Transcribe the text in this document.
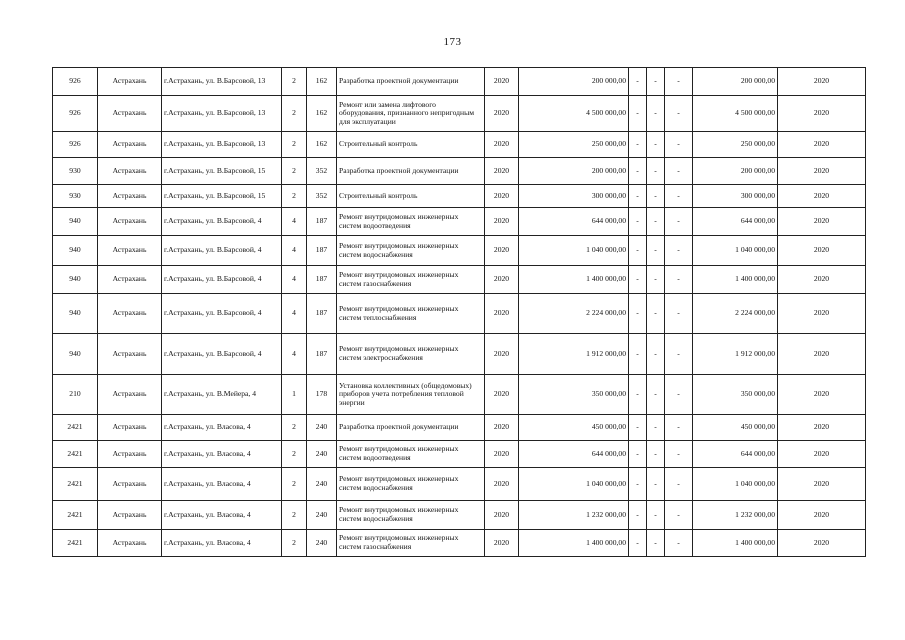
173
926	Астрахань	г.Астрахань, ул. В.Барсовой, 13	2	162	Разработка проектной документации	2020	200 000,00	-	-	-	200 000,00	2020
926	Астрахань	г.Астрахань, ул. В.Барсовой, 13	2	162	Ремонт или замена лифтового оборудования, признанного непригодным для эксплуатации	2020	4 500 000,00	-	-	-	4 500 000,00	2020
926	Астрахань	г.Астрахань, ул. В.Барсовой, 13	2	162	Строительный контроль	2020	250 000,00	-	-	-	250 000,00	2020
930	Астрахань	г.Астрахань, ул. В.Барсовой, 15	2	352	Разработка проектной документации	2020	200 000,00	-	-	-	200 000,00	2020
930	Астрахань	г.Астрахань, ул. В.Барсовой, 15	2	352	Строительный контроль	2020	300 000,00	-	-	-	300 000,00	2020
940	Астрахань	г.Астрахань, ул. В.Барсовой, 4	4	187	Ремонт внутридомовых инженерных систем водоотведения	2020	644 000,00	-	-	-	644 000,00	2020
940	Астрахань	г.Астрахань, ул. В.Барсовой, 4	4	187	Ремонт внутридомовых инженерных систем водоснабжения	2020	1 040 000,00	-	-	-	1 040 000,00	2020
940	Астрахань	г.Астрахань, ул. В.Барсовой, 4	4	187	Ремонт внутридомовых инженерных систем газоснабжения	2020	1 400 000,00	-	-	-	1 400 000,00	2020
940	Астрахань	г.Астрахань, ул. В.Барсовой, 4	4	187	Ремонт внутридомовых инженерных систем теплоснабжения	2020	2 224 000,00	-	-	-	2 224 000,00	2020
940	Астрахань	г.Астрахань, ул. В.Барсовой, 4	4	187	Ремонт внутридомовых инженерных систем электроснабжения	2020	1 912 000,00	-	-	-	1 912 000,00	2020
210	Астрахань	г.Астрахань, ул. В.Мейера, 4	1	178	Установка коллективных (общедомовых) приборов учета потребления тепловой энергии	2020	350 000,00	-	-	-	350 000,00	2020
2421	Астрахань	г.Астрахань, ул. Власова, 4	2	240	Разработка проектной документации	2020	450 000,00	-	-	-	450 000,00	2020
2421	Астрахань	г.Астрахань, ул. Власова, 4	2	240	Ремонт внутридомовых инженерных систем водоотведения	2020	644 000,00	-	-	-	644 000,00	2020
2421	Астрахань	г.Астрахань, ул. Власова, 4	2	240	Ремонт внутридомовых инженерных систем водоснабжения	2020	1 040 000,00	-	-	-	1 040 000,00	2020
2421	Астрахань	г.Астрахань, ул. Власова, 4	2	240	Ремонт внутридомовых инженерных систем водоснабжения	2020	1 232 000,00	-	-	-	1 232 000,00	2020
2421	Астрахань	г.Астрахань, ул. Власова, 4	2	240	Ремонт внутридомовых инженерных систем газоснабжения	2020	1 400 000,00	-	-	-	1 400 000,00	2020
